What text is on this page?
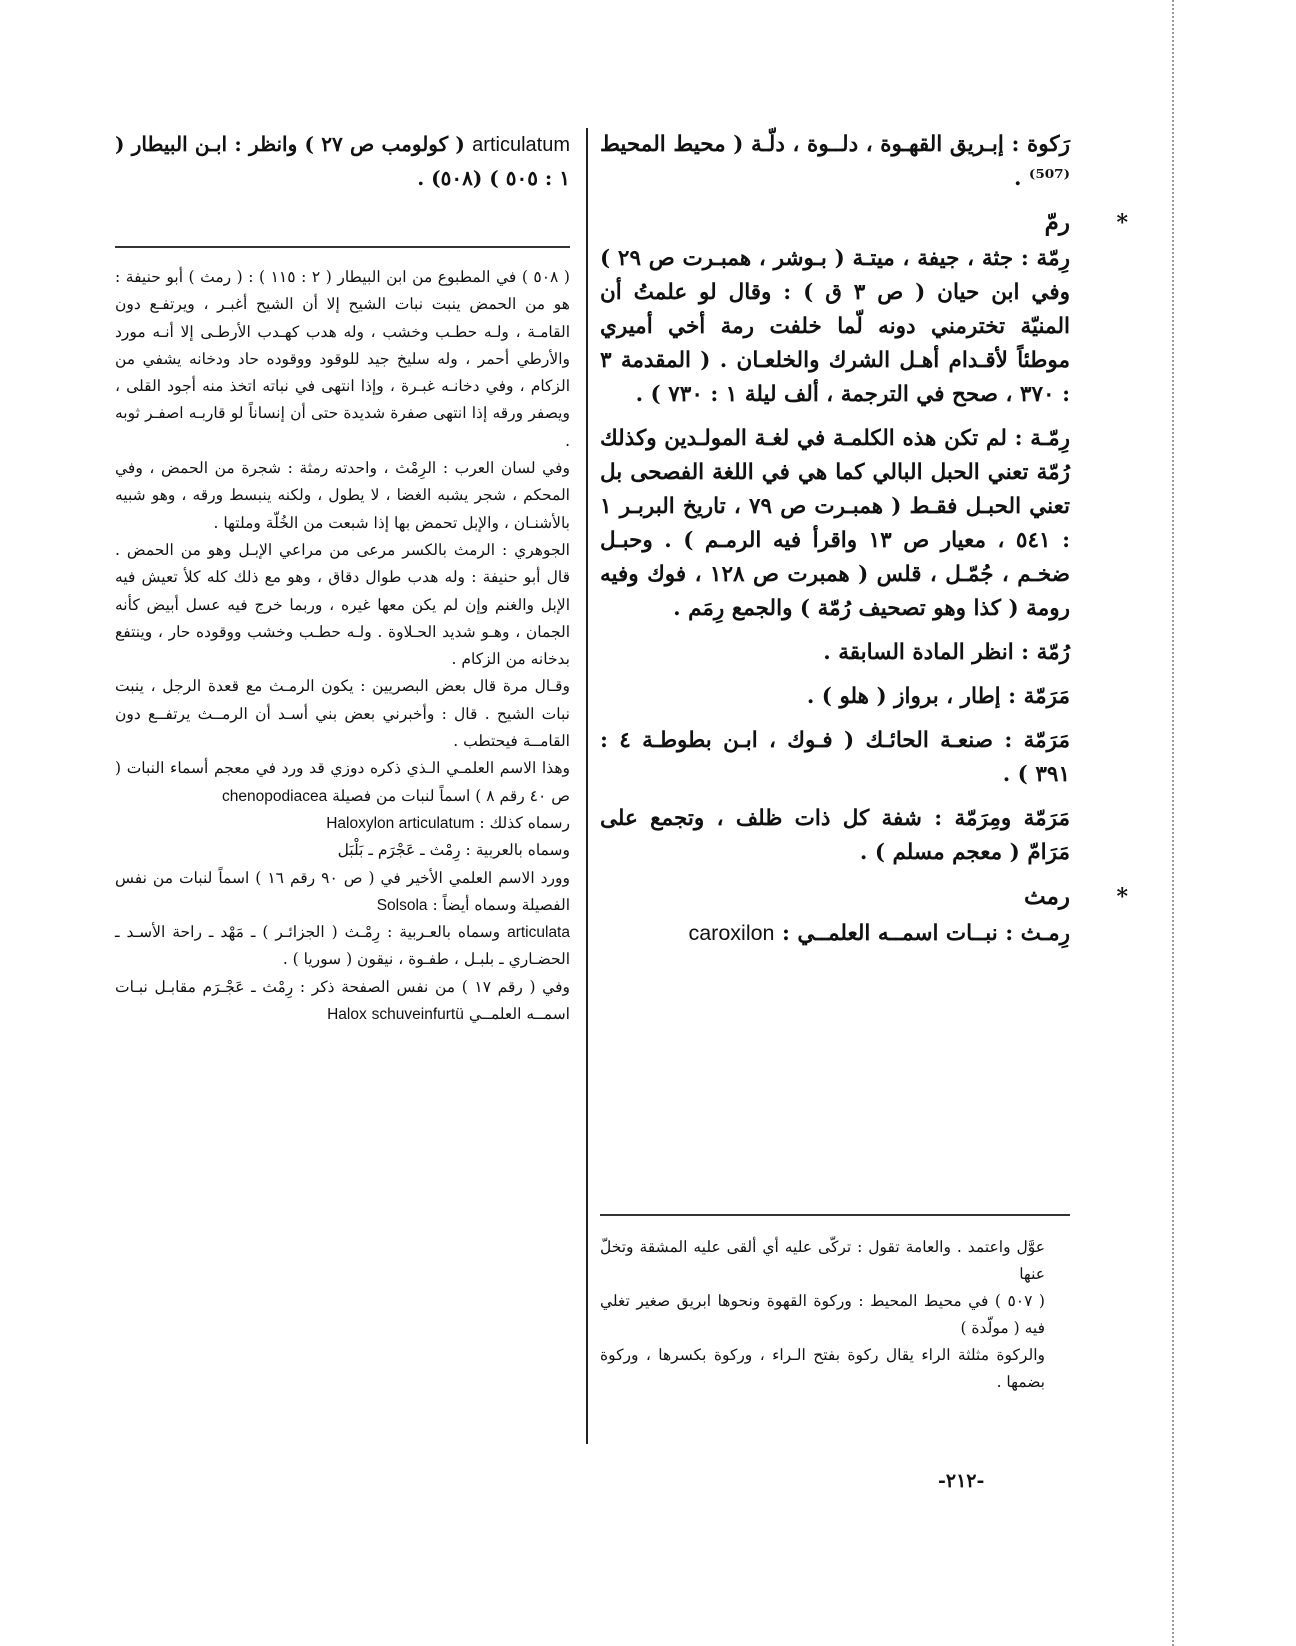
رَكوة : إبـريق القهـوة ، دلــوة ، دلّـة ( محيط المحيط ⁽⁵⁰⁷⁾ .

*
رمّ

رِمّة : جثة ، جيفة ، ميتـة ( بـوشر ، همبـرت ص ٢٩ ) وفي ابن حيان ( ص ٣ ق ) : وقال لو علمتُ أن المنيّة تخترمني دونه لّما خلفت رمة أخي أميري موطئاً لأقـدام أهـل الشرك والخلعـان . ( المقدمة ٣ : ٣٧٠ ، صحح في الترجمة ، ألف ليلة ١ : ٧٣٠ ) .

رِمّـة : لم تكن هذه الكلمـة في لغـة المولـدين وكذلك رُمّة تعني الحبل البالي كما هي في اللغة الفصحى بل تعني الحبـل فقـط ( همبـرت ص ٧٩ ، تاريخ البربـر ١ : ٥٤١ ، معيار ص ١٣ واقرأ فيه الرمـم ) . وحبـل ضخـم ، جُمّـل ، قلس ( همبرت ص ١٢٨ ، فوك وفيه رومة ( كذا وهو تصحيف رُمّة ) والجمع رِمَم .

رُمّة : انظر المادة السابقة .

مَرَمّة : إطار ، برواز ( هلو ) .

مَرَمّة : صنعـة الحائـك ( فـوك ، ابـن بطوطـة ٤ : ٣٩١ ) .

مَرَمّة ومِرَمّة : شفة كل ذات ظلف ، وتجمع على مَرَامّ ( معجم مسلم ) .

*
رمث

رِمـث : نبــات اسمــه العلمــي : caroxilon

عوَّل واعتمد . والعامة تقول : تركّى عليه أي ألقى عليه المشقة وتخلّ عنها

( ٥٠٧ ) في محيط المحيط : وركوة القهوة ونحوها ابريق صغير تغلي فيه ( مولّدة )

والركوة مثلثة الراء يقال ركوة بفتح الـراء ، وركوة بكسرها ، وركوة بضمها .

articulatum ( كولومب ص ٢٧ ) وانظر : ابـن البيطار ( ١ : ٥٠٥ ) (٥٠٨) .

( ٥٠٨ ) في المطبوع من ابن البيطار ( ٢ : ١١٥ ) : ( رمث ) أبو حنيفة : هو من الحمض ينبت نبات الشيح إلا أن الشيح أغبـر ، ويرتفـع دون القامـة ، ولـه حطـب وخشب ، وله هدب كهـدب الأرطـى إلا أنـه مورد والأرطي أحمر ، وله سليخ جيد للوقود ووقوده حاد ودخانه يشفي من الزكام ، وفي دخانـه غبـرة ، وإذا انتهى في نباته اتخذ منه أجود القلى ، ويصفر ورقه إذا انتهى صفرة شديدة حتى أن إنساناً لو قاربـه اصفـر ثوبه .

وفي لسان العرب : الرِمْث ، واحدته رمثة : شجرة من الحمض ، وفي المحكم ، شجر يشبه الغضا ، لا يطول ، ولكنه ينبسط ورقه ، وهو شبيه بالأشنـان ، والإبل تحمض بها إذا شبعت من الخُلّة وملتها .

الجوهري : الرمث بالكسر مرعى من مراعي الإبـل وهو من الحمض . قال أبو حنيفة : وله هدب طوال دقاق ، وهو مع ذلك كله كلأ تعيش فيه الإبل والغنم وإن لم يكن معها غيره ، وربما خرج فيه عسل أبيض كأنه الجمان ، وهـو شديد الحـلاوة . ولـه حطـب وخشب ووقوده حار ، وينتفع بدخانه من الزكام .

وقـال مرة قال بعض البصريين : يكون الرمـث مع قعدة الرجل ، ينبت نبات الشيح . قال : وأخبرني بعض بني أسـد أن الرمــث يرتفــع دون القامــة فيحتطب .

وهذا الاسم العلمـي الـذي ذكره دوزي قد ورد في معجم أسماء النبات ( ص ٤٠ رقم ٨ ) اسماً لنبات من فصيلة chenopodiacea

رسماه كذلك : Haloxylon articulatum

وسماه بالعربية : رِمْث ـ عَجْرَم ـ بَلْبَل

وورد الاسم العلمي الأخير في ( ص ٩٠ رقم ١٦ ) اسماً لنبات من نفس الفصيلة وسماه أيضاً : Solsola

articulata وسماه بالعـربية : رِمْـث ( الجزائـر ) ـ مَهْد ـ راحة الأسـد ـ الحضـاري ـ بلبـل ، طفـوة ، نيقون ( سوريا ) .

وفي ( رقم ١٧ ) من نفس الصفحة ذكر : رِمْث ـ عَجْـرَم مقابـل نبـات اسمــه العلمــي Halox schuveinfurtü

-٢١٢-
